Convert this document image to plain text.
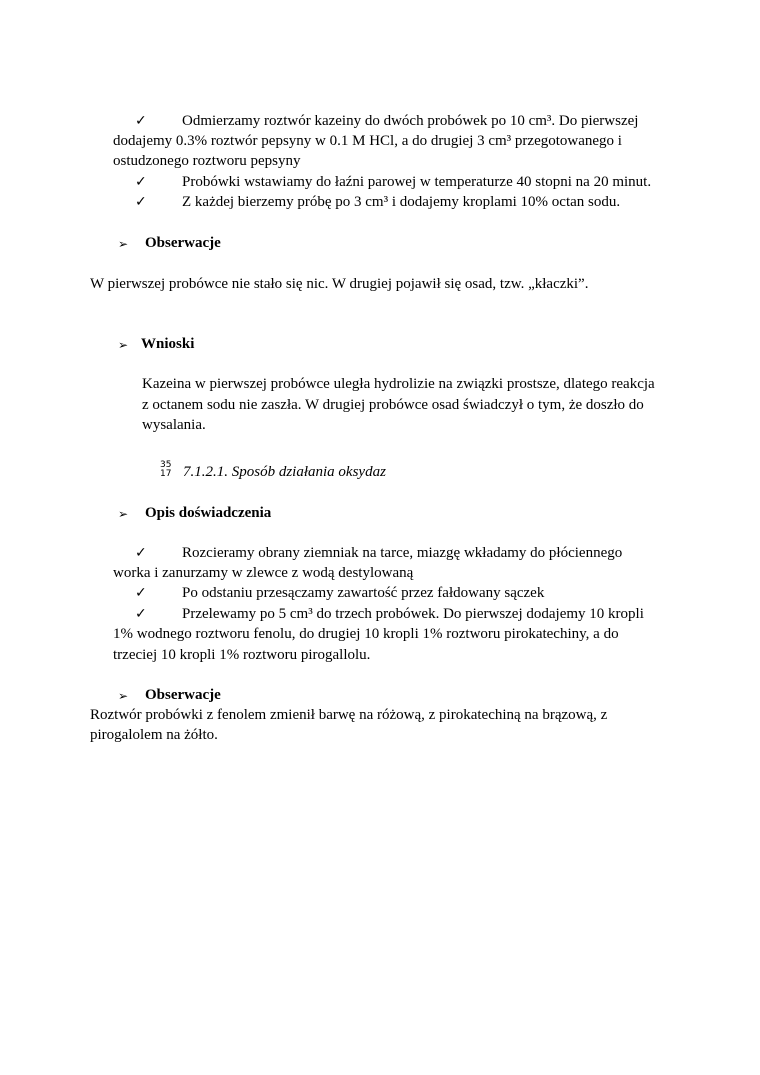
✓ Odmierzamy roztwór kazeiny do dwóch probówek po 10 cm³. Do pierwszej
dodajemy 0.3% roztwór pepsyny w 0.1 M HCl, a do drugiej 3 cm³ przegotowanego i
ostudzonego roztworu pepsyny
✓ Probówki wstawiamy do łaźni parowej w temperaturze 40 stopni na 20 minut.
✓ Z każdej bierzemy próbę po 3 cm³ i dodajemy kroplami 10% octan sodu.
➢ Obserwacje
W pierwszej probówce nie stało się nic. W drugiej pojawił się osad, tzw. „kłaczki”.
➢ Wnioski
Kazeina w pierwszej probówce uległa hydrolizie na związki prostsze, dlatego reakcja
z octanem sodu nie zaszła. W drugiej probówce osad świadczył o tym, że doszło do
wysalania.
35
17 7.1.2.1. Sposób działania oksydaz
➢ Opis doświadczenia
✓ Rozcieramy obrany ziemniak na tarce, miazgę wkładamy do płóciennego
worka i zanurzamy w zlewce z wodą destylowaną
✓ Po odstaniu przesączamy zawartość przez fałdowany sączek
✓ Przelewamy po 5 cm³ do trzech probówek. Do pierwszej dodajemy 10 kropli
1% wodnego roztworu fenolu, do drugiej 10 kropli 1% roztworu pirokatechiny, a do
trzeciej 10 kropli 1% roztworu pirogallolu.
➢ Obserwacje
Roztwór probówki z fenolem zmienił barwę na różową, z pirokatechiną na brązową, z
pirogalolem na żółto.
